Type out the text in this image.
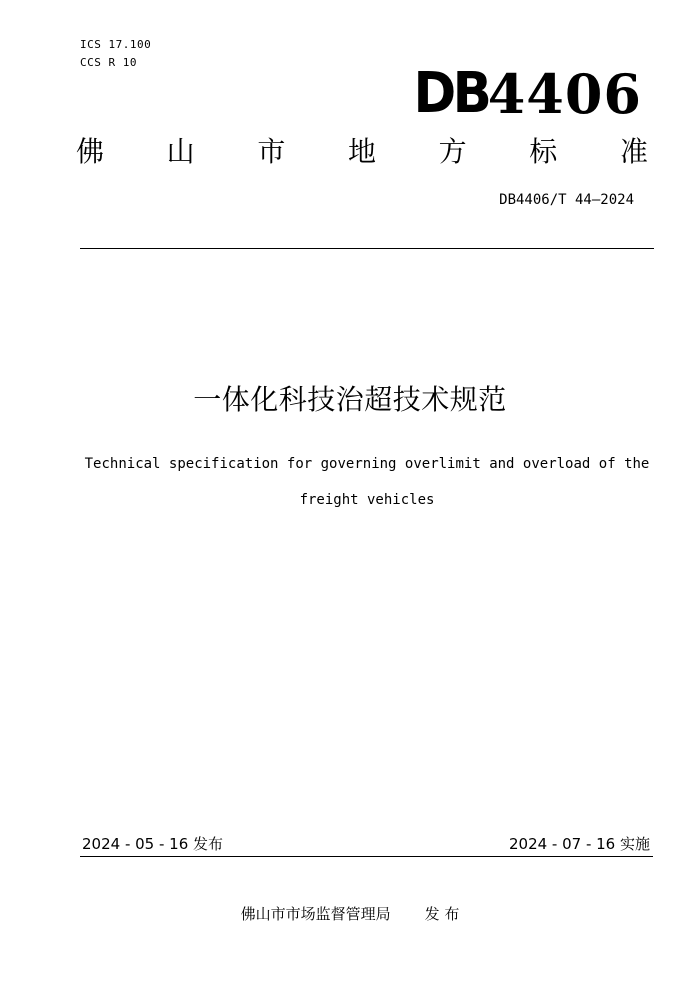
ICS 17.100
CCS R 10	DB 4406
佛 山 市 地 方 标 准
DB4406/T 44—2024
一体化科技治超技术规范
Technical specification for governing overlimit and overload of the freight vehicles
2024 - 05 - 16 发布	2024 - 07 - 16 实施
佛山市市场监督管理局 发 布
